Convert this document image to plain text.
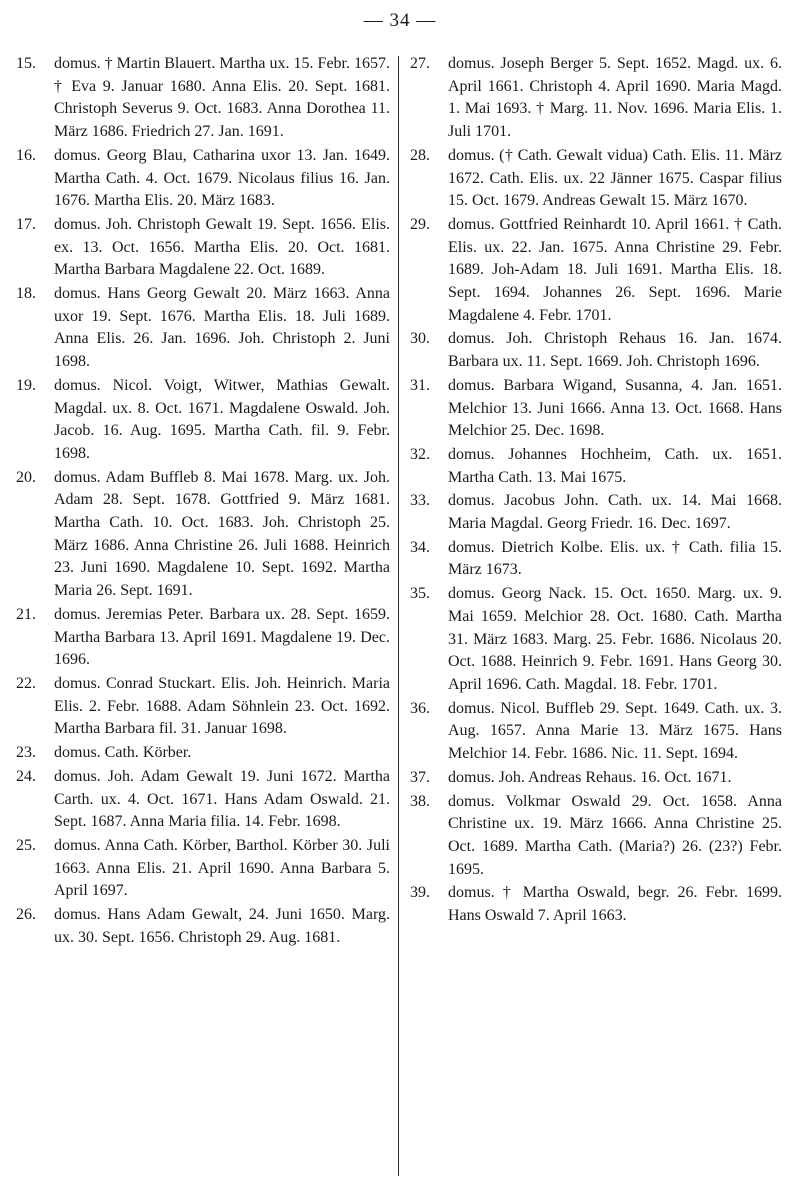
— 34 —
15. domus. † Martin Blauert. Martha ux. 15. Febr. 1657. † Eva 9. Januar 1680. Anna Elis. 20. Sept. 1681. Christoph Severus 9. Oct. 1683. Anna Dorothea 11. März 1686. Friedrich 27. Jan. 1691.
16. domus. Georg Blau, Catharina uxor 13. Jan. 1649. Martha Cath. 4. Oct. 1679. Nicolaus filius 16. Jan. 1676. Martha Elis. 20. März 1683.
17. domus. Joh. Christoph Gewalt 19. Sept. 1656. Elis. ex. 13. Oct. 1656. Martha Elis. 20. Oct. 1681. Martha Barbara Magdalene 22. Oct. 1689.
18. domus. Hans Georg Gewalt 20. März 1663. Anna uxor 19. Sept. 1676. Martha Elis. 18. Juli 1689. Anna Elis. 26. Jan. 1696. Joh. Christoph 2. Juni 1698.
19. domus. Nicol. Voigt, Witwer, Mathias Gewalt. Magdal. ux. 8. Oct. 1671. Magdalene Oswald. Joh. Jacob. 16. Aug. 1695. Martha Cath. fil. 9. Febr. 1698.
20. domus. Adam Buffleb 8. Mai 1678. Marg. ux. Joh. Adam 28. Sept. 1678. Gottfried 9. März 1681. Martha Cath. 10. Oct. 1683. Joh. Christoph 25. März 1686. Anna Christine 26. Juli 1688. Heinrich 23. Juni 1690. Magdalene 10. Sept. 1692. Martha Maria 26. Sept. 1691.
21. domus. Jeremias Peter. Barbara ux. 28. Sept. 1659. Martha Barbara 13. April 1691. Magdalene 19. Dec. 1696.
22. domus. Conrad Stuckart. Elis. Joh. Heinrich. Maria Elis. 2. Febr. 1688. Adam Söhnlein 23. Oct. 1692. Martha Barbara fil. 31. Januar 1698.
23. domus. Cath. Körber.
24. domus. Joh. Adam Gewalt 19. Juni 1672. Martha Carth. ux. 4. Oct. 1671. Hans Adam Oswald. 21. Sept. 1687. Anna Maria filia. 14. Febr. 1698.
25. domus. Anna Cath. Körber, Barthol. Körber 30. Juli 1663. Anna Elis. 21. April 1690. Anna Barbara 5. April 1697.
26. domus. Hans Adam Gewalt, 24. Juni 1650. Marg. ux. 30. Sept. 1656. Christoph 29. Aug. 1681.
27. domus. Joseph Berger 5. Sept. 1652. Magd. ux. 6. April 1661. Christoph 4. April 1690. Maria Magd. 1. Mai 1693. † Marg. 11. Nov. 1696. Maria Elis. 1. Juli 1701.
28. domus. († Cath. Gewalt vidua) Cath. Elis. 11. März 1672. Cath. Elis. ux. 22 Jänner 1675. Caspar filius 15. Oct. 1679. Andreas Gewalt 15. März 1670.
29. domus. Gottfried Reinhardt 10. April 1661. † Cath. Elis. ux. 22. Jan. 1675. Anna Christine 29. Febr. 1689. Joh-Adam 18. Juli 1691. Martha Elis. 18. Sept. 1694. Johannes 26. Sept. 1696. Marie Magdalene 4. Febr. 1701.
30. domus. Joh. Christoph Rehaus 16. Jan. 1674. Barbara ux. 11. Sept. 1669. Joh. Christoph 1696.
31. domus. Barbara Wigand, Susanna, 4. Jan. 1651. Melchior 13. Juni 1666. Anna 13. Oct. 1668. Hans Melchior 25. Dec. 1698.
32. domus. Johannes Hochheim, Cath. ux. 1651. Martha Cath. 13. Mai 1675.
33. domus. Jacobus John. Cath. ux. 14. Mai 1668. Maria Magdal. Georg Friedr. 16. Dec. 1697.
34. domus. Dietrich Kolbe. Elis. ux. † Cath. filia 15. März 1673.
35. domus. Georg Nack. 15. Oct. 1650. Marg. ux. 9. Mai 1659. Melchior 28. Oct. 1680. Cath. Martha 31. März 1683. Marg. 25. Febr. 1686. Nicolaus 20. Oct. 1688. Heinrich 9. Febr. 1691. Hans Georg 30. April 1696. Cath. Magdal. 18. Febr. 1701.
36. domus. Nicol. Buffleb 29. Sept. 1649. Cath. ux. 3. Aug. 1657. Anna Marie 13. März 1675. Hans Melchior 14. Febr. 1686. Nic. 11. Sept. 1694.
37. domus. Joh. Andreas Rehaus. 16. Oct. 1671.
38. domus. Volkmar Oswald 29. Oct. 1658. Anna Christine ux. 19. März 1666. Anna Christine 25. Oct. 1689. Martha Cath. (Maria?) 26. (23?) Febr. 1695.
39. domus. † Martha Oswald, begr. 26. Febr. 1699. Hans Oswald 7. April 1663.
